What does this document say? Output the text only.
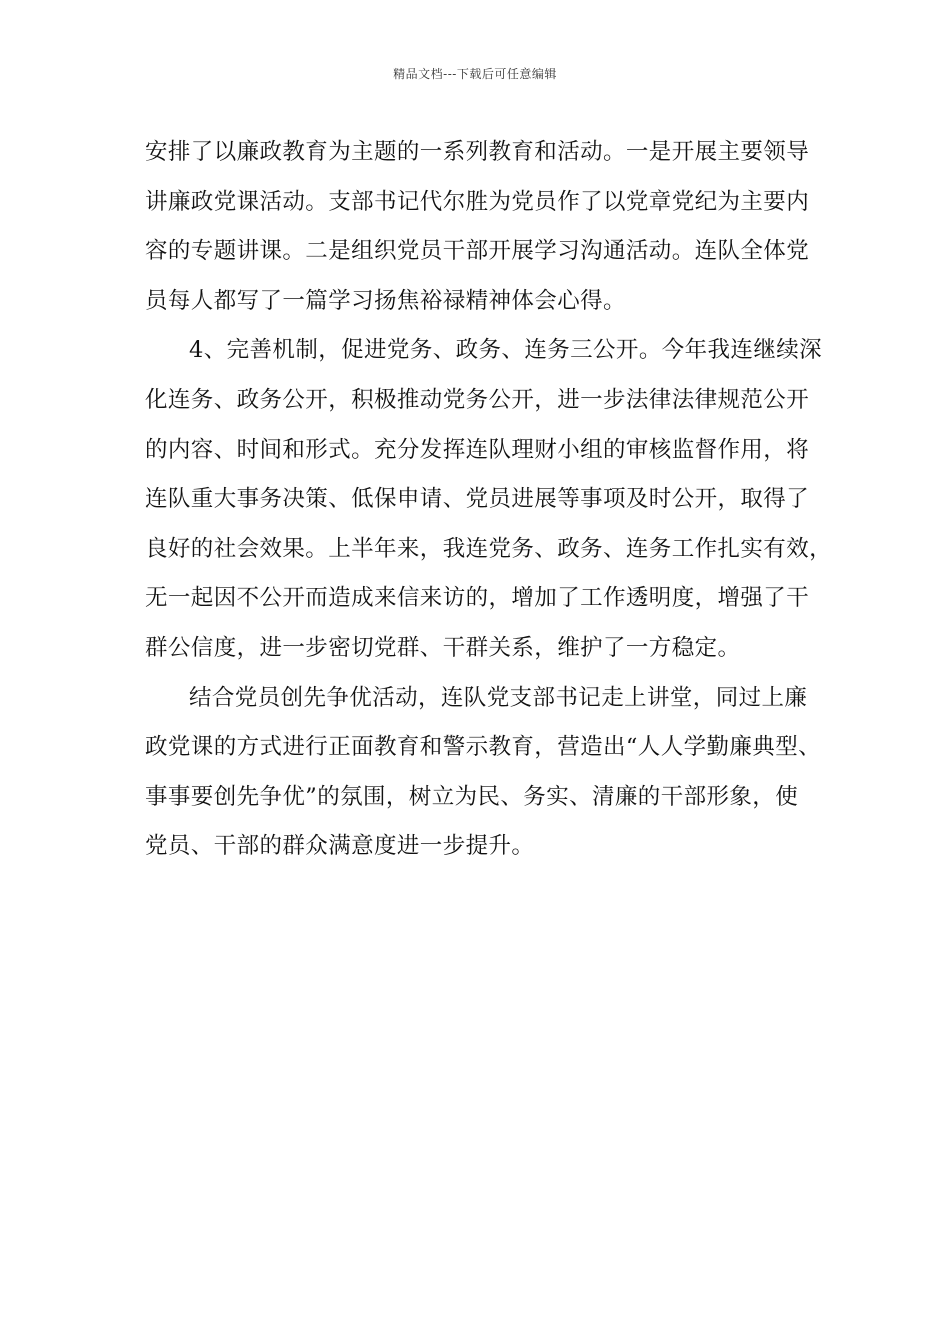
精品文档---下载后可任意编辑
安排了以廉政教育为主题的一系列教育和活动。一是开展主要领导
讲廉政党课活动。支部书记代尔胜为党员作了以党章党纪为主要内
容的专题讲课。二是组织党员干部开展学习沟通活动。连队全体党
员每人都写了一篇学习扬焦裕禄精神体会心得。
4、完善机制，促进党务、政务、连务三公开。今年我连继续深
化连务、政务公开，积极推动党务公开，进一步法律法律规范公开
的内容、时间和形式。充分发挥连队理财小组的审核监督作用，将
连队重大事务决策、低保申请、党员进展等事项及时公开，取得了
良好的社会效果。上半年来，我连党务、政务、连务工作扎实有效，
无一起因不公开而造成来信来访的，增加了工作透明度，增强了干
群公信度，进一步密切党群、干群关系，维护了一方稳定。
结合党员创先争优活动，连队党支部书记走上讲堂，同过上廉
政党课的方式进行正面教育和警示教育，营造出“人人学勤廉典型、
事事要创先争优”的氛围，树立为民、务实、清廉的干部形象，使
党员、干部的群众满意度进一步提升。
